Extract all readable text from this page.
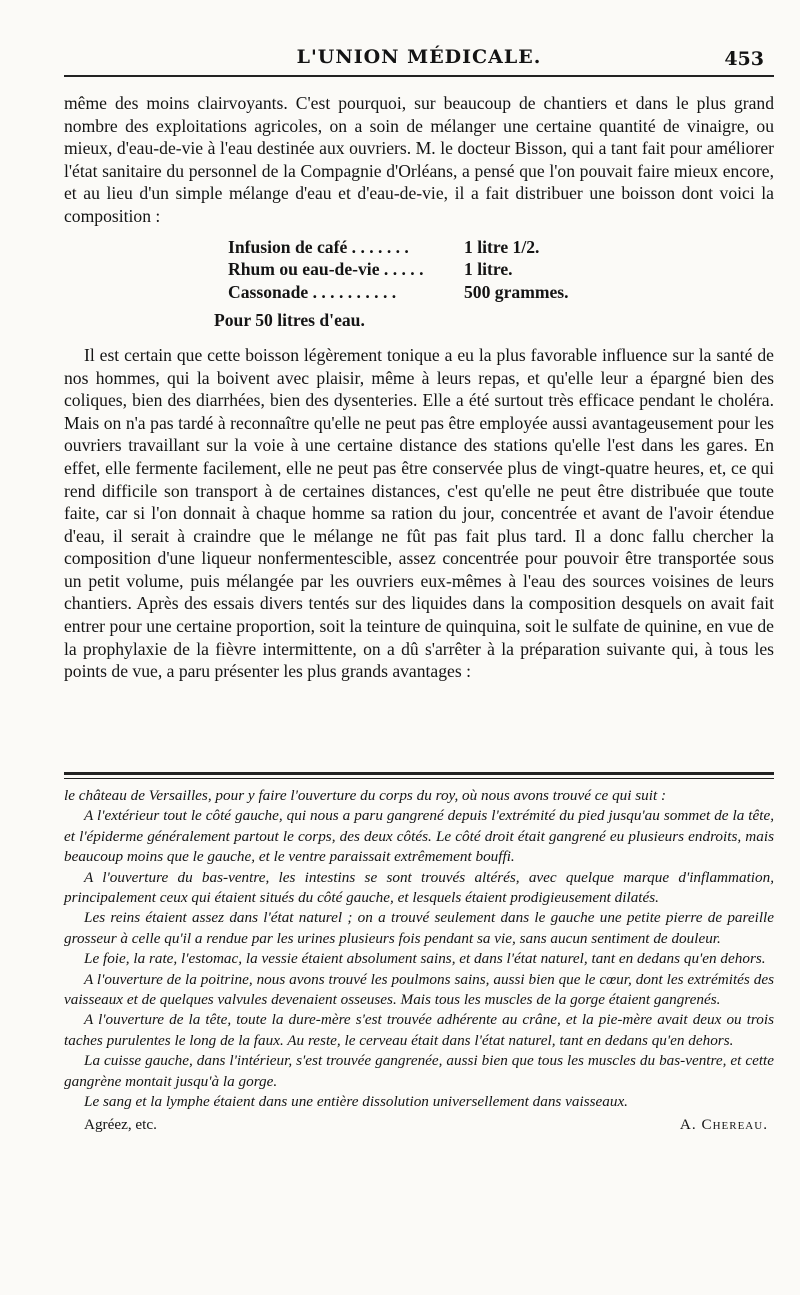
L'UNION MÉDICALE.	453

même des moins clairvoyants. C'est pourquoi, sur beaucoup de chantiers et dans le plus grand nombre des exploitations agricoles, on a soin de mélanger une certaine quantité de vinaigre, ou mieux, d'eau-de-vie à l'eau destinée aux ouvriers. M. le docteur Bisson, qui a tant fait pour améliorer l'état sanitaire du personnel de la Compagnie d'Orléans, a pensé que l'on pouvait faire mieux encore, et au lieu d'un simple mélange d'eau et d'eau-de-vie, il a fait distribuer une boisson dont voici la composition :

Infusion de café . . . . . . .	1 litre 1/2.
Rhum ou eau-de-vie . . . . .	1 litre.
Cassonade . . . . . . . . . .	500 grammes.
Pour 50 litres d'eau.

Il est certain que cette boisson légèrement tonique a eu la plus favorable influence sur la santé de nos hommes, qui la boivent avec plaisir, même à leurs repas, et qu'elle leur a épargné bien des coliques, bien des diarrhées, bien des dysenteries. Elle a été surtout très efficace pendant le choléra. Mais on n'a pas tardé à reconnaître qu'elle ne peut pas être employée aussi avantageusement pour les ouvriers travaillant sur la voie à une certaine distance des stations qu'elle l'est dans les gares. En effet, elle fermente facilement, elle ne peut pas être conservée plus de vingt-quatre heures, et, ce qui rend difficile son transport à de certaines distances, c'est qu'elle ne peut être distribuée que toute faite, car si l'on donnait à chaque homme sa ration du jour, concentrée et avant de l'avoir étendue d'eau, il serait à craindre que le mélange ne fût pas fait plus tard. Il a donc fallu chercher la composition d'une liqueur nonfermentescible, assez concentrée pour pouvoir être transportée sous un petit volume, puis mélangée par les ouvriers eux-mêmes à l'eau des sources voisines de leurs chantiers. Après des essais divers tentés sur des liquides dans la composition desquels on avait fait entrer pour une certaine proportion, soit la teinture de quinquina, soit le sulfate de quinine, en vue de la prophylaxie de la fièvre intermittente, on a dû s'arrêter à la préparation suivante qui, à tous les points de vue, a paru présenter les plus grands avantages :

le château de Versailles, pour y faire l'ouverture du corps du roy, où nous avons trouvé ce qui suit :

A l'extérieur tout le côté gauche, qui nous a paru gangrené depuis l'extrémité du pied jusqu'au sommet de la tête, et l'épiderme généralement partout le corps, des deux côtés. Le côté droit était gangrené eu plusieurs endroits, mais beaucoup moins que le gauche, et le ventre paraissait extrêmement bouffi.

A l'ouverture du bas-ventre, les intestins se sont trouvés altérés, avec quelque marque d'inflammation, principalement ceux qui étaient situés du côté gauche, et lesquels étaient prodigieusement dilatés.

Les reins étaient assez dans l'état naturel ; on a trouvé seulement dans le gauche une petite pierre de pareille grosseur à celle qu'il a rendue par les urines plusieurs fois pendant sa vie, sans aucun sentiment de douleur.

Le foie, la rate, l'estomac, la vessie étaient absolument sains, et dans l'état naturel, tant en dedans qu'en dehors.

A l'ouverture de la poitrine, nous avons trouvé les poulmons sains, aussi bien que le cœur, dont les extrémités des vaisseaux et de quelques valvules devenaient osseuses. Mais tous les muscles de la gorge étaient gangrenés.

A l'ouverture de la tête, toute la dure-mère s'est trouvée adhérente au crâne, et la pie-mère avait deux ou trois taches purulentes le long de la faux. Au reste, le cerveau était dans l'état naturel, tant en dedans qu'en dehors.

La cuisse gauche, dans l'intérieur, s'est trouvée gangrenée, aussi bien que tous les muscles du bas-ventre, et cette gangrène montait jusqu'à la gorge.

Le sang et la lymphe étaient dans une entière dissolution universellement dans vaisseaux.

Agréez, etc.	A. Chereau.
